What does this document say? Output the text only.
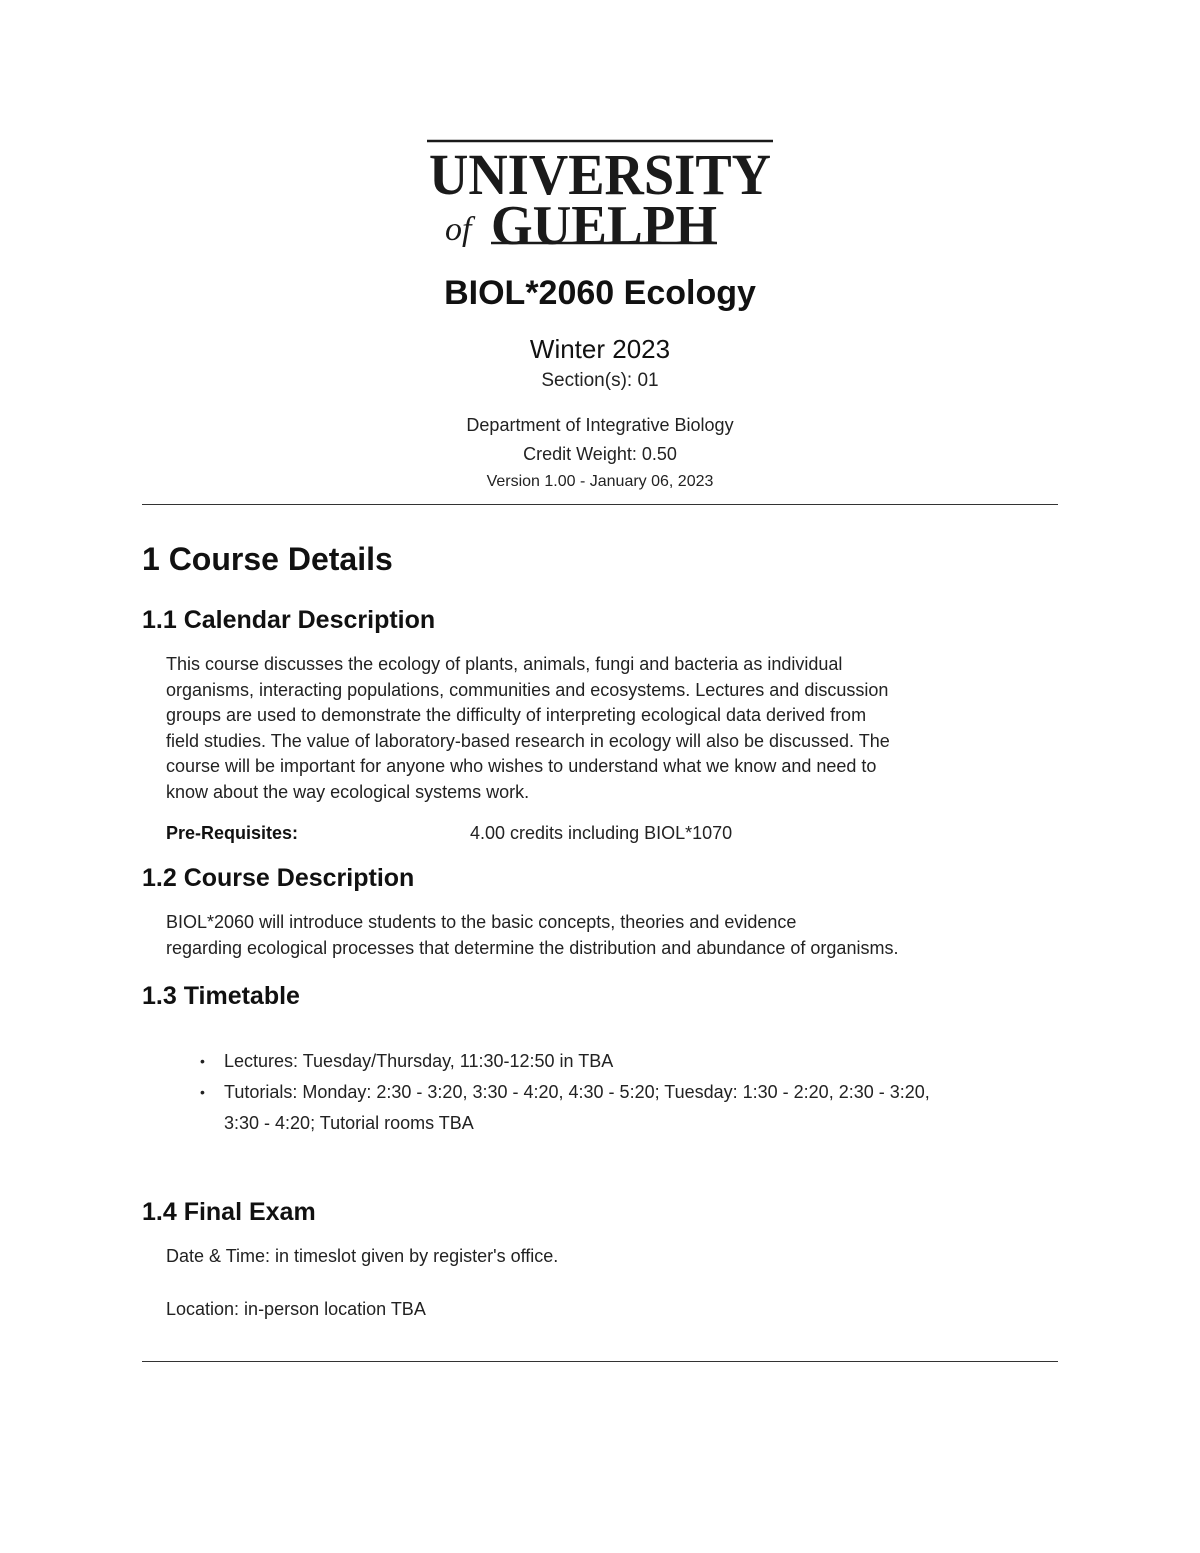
UNIVERSITY
of GUELPH
BIOL*2060 Ecology
Winter 2023
Section(s): 01
Department of Integrative Biology
Credit Weight: 0.50
Version 1.00 - January 06, 2023
1 Course Details
1.1 Calendar Description
This course discusses the ecology of plants, animals, fungi and bacteria as individual
organisms, interacting populations, communities and ecosystems. Lectures and discussion
groups are used to demonstrate the difficulty of interpreting ecological data derived from
field studies. The value of laboratory-based research in ecology will also be discussed. The
course will be important for anyone who wishes to understand what we know and need to
know about the way ecological systems work.
Pre-Requisites:	4.00 credits including BIOL*1070
1.2 Course Description
BIOL*2060 will introduce students to the basic concepts, theories and evidence
regarding ecological processes that determine the distribution and abundance of organisms.
1.3 Timetable
• Lectures: Tuesday/Thursday, 11:30-12:50 in TBA
• Tutorials: Monday: 2:30 - 3:20, 3:30 - 4:20, 4:30 - 5:20; Tuesday: 1:30 - 2:20, 2:30 - 3:20,
3:30 - 4:20; Tutorial rooms TBA
1.4 Final Exam
Date & Time: in timeslot given by register's office.
Location: in-person location TBA
